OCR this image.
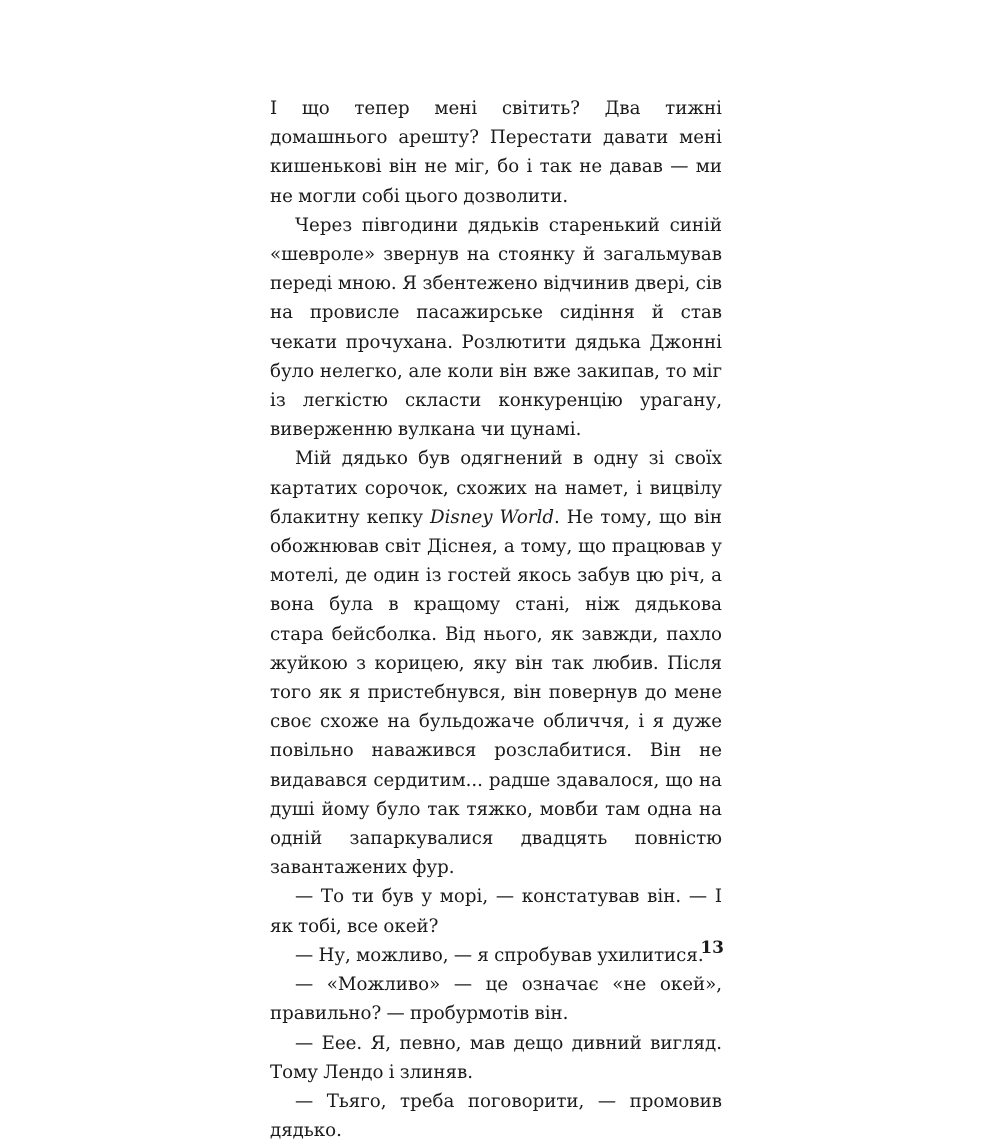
І що тепер мені світить? Два тижні домашнього арешту? Перестати давати мені кишенькові він не міг, бо і так не давав — ми не могли собі цього дозволити.

Через півгодини дядьків старенький синій «шевроле» звернув на стоянку й загальмував переді мною. Я збентежено відчинив двері, сів на провисле пасажирське сидіння й став чекати прочухана. Розлютити дядька Джонні було нелегко, але коли він вже закипав, то міг із легкістю скласти конкуренцію урагану, виверженню вулкана чи цунамі.

Мій дядько був одягнений в одну зі своїх картатих сорочок, схожих на намет, і вицвілу блакитну кепку Disney World. Не тому, що він обожнював світ Діснея, а тому, що працював у мотелі, де один із гостей якось забув цю річ, а вона була в кращому стані, ніж дядькова стара бейсболка. Від нього, як завжди, пахло жуйкою з корицею, яку він так любив. Після того як я пристебнувся, він повернув до мене своє схоже на бульдожаче обличчя, і я дуже повільно наважився розслабитися. Він не видавався сердитим... радше здавалося, що на душі йому було так тяжко, мовби там одна на одній запаркувалися двадцять повністю завантажених фур.

— То ти був у морі, — констатував він. — І як тобі, все окей?

— Ну, можливо, — я спробував ухилитися.

— «Можливо» — це означає «не окей», правильно? — пробурмотів він.

— Еее. Я, певно, мав дещо дивний вигляд. Тому Лендо і злиняв.

— Тьяго, треба поговорити, — промовив дядько.

13
